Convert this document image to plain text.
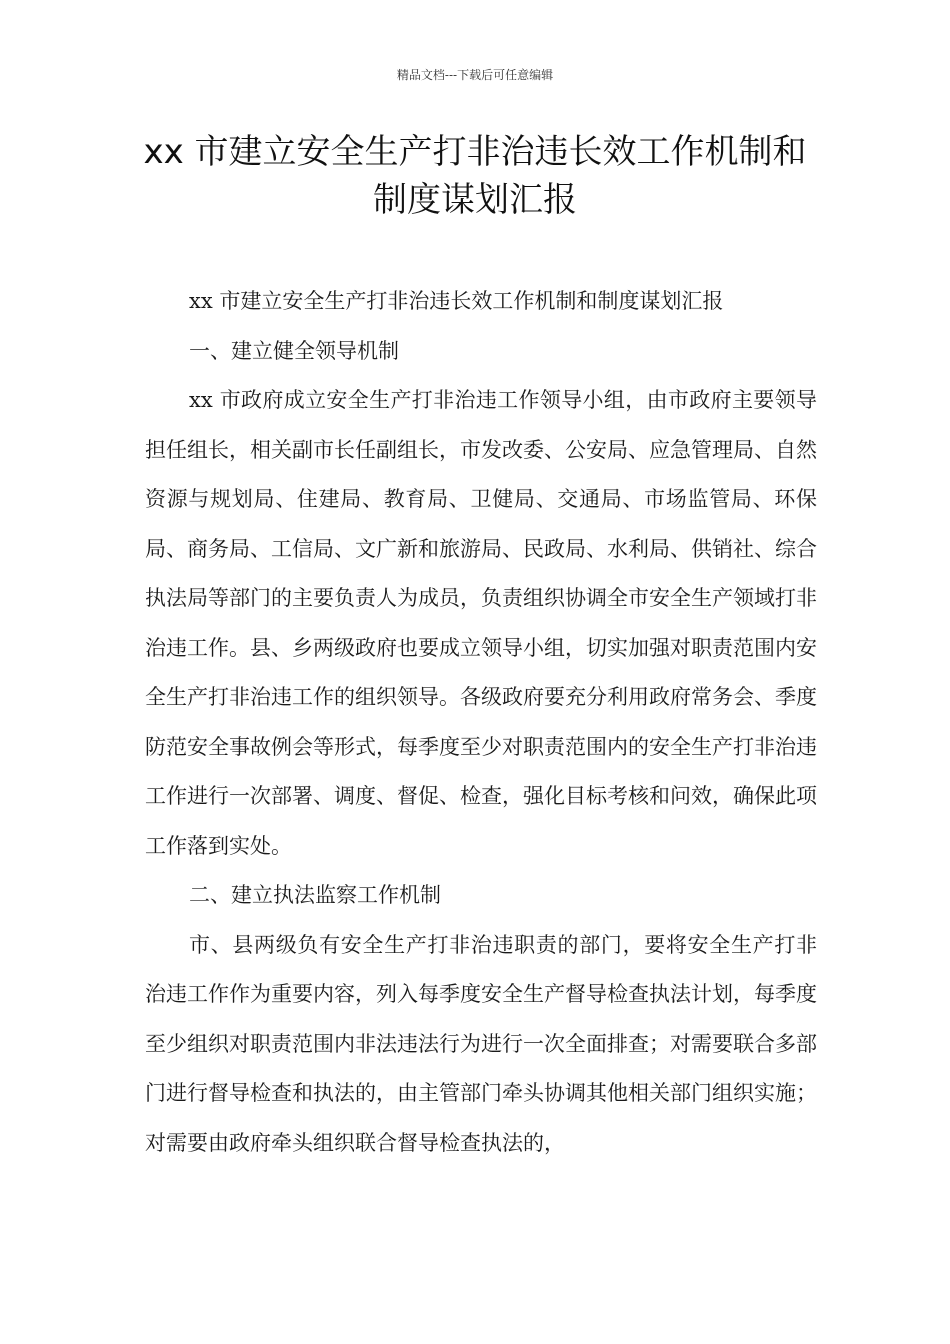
精品文档---下载后可任意编辑
xx 市建立安全生产打非治违长效工作机制和制度谋划汇报

xx 市建立安全生产打非治违长效工作机制和制度谋划汇报

一、建立健全领导机制

xx 市政府成立安全生产打非治违工作领导小组，由市政府主要领导担任组长，相关副市长任副组长，市发改委、公安局、应急管理局、自然资源与规划局、住建局、教育局、卫健局、交通局、市场监管局、环保局、商务局、工信局、文广新和旅游局、民政局、水利局、供销社、综合执法局等部门的主要负责人为成员，负责组织协调全市安全生产领域打非治违工作。县、乡两级政府也要成立领导小组，切实加强对职责范围内安全生产打非治违工作的组织领导。各级政府要充分利用政府常务会、季度防范安全事故例会等形式，每季度至少对职责范围内的安全生产打非治违工作进行一次部署、调度、督促、检查，强化目标考核和问效，确保此项工作落到实处。

二、建立执法监察工作机制

市、县两级负有安全生产打非治违职责的部门，要将安全生产打非治违工作作为重要内容，列入每季度安全生产督导检查执法计划，每季度至少组织对职责范围内非法违法行为进行一次全面排查；对需要联合多部门进行督导检查和执法的，由主管部门牵头协调其他相关部门组织实施；对需要由政府牵头组织联合督导检查执法的，
